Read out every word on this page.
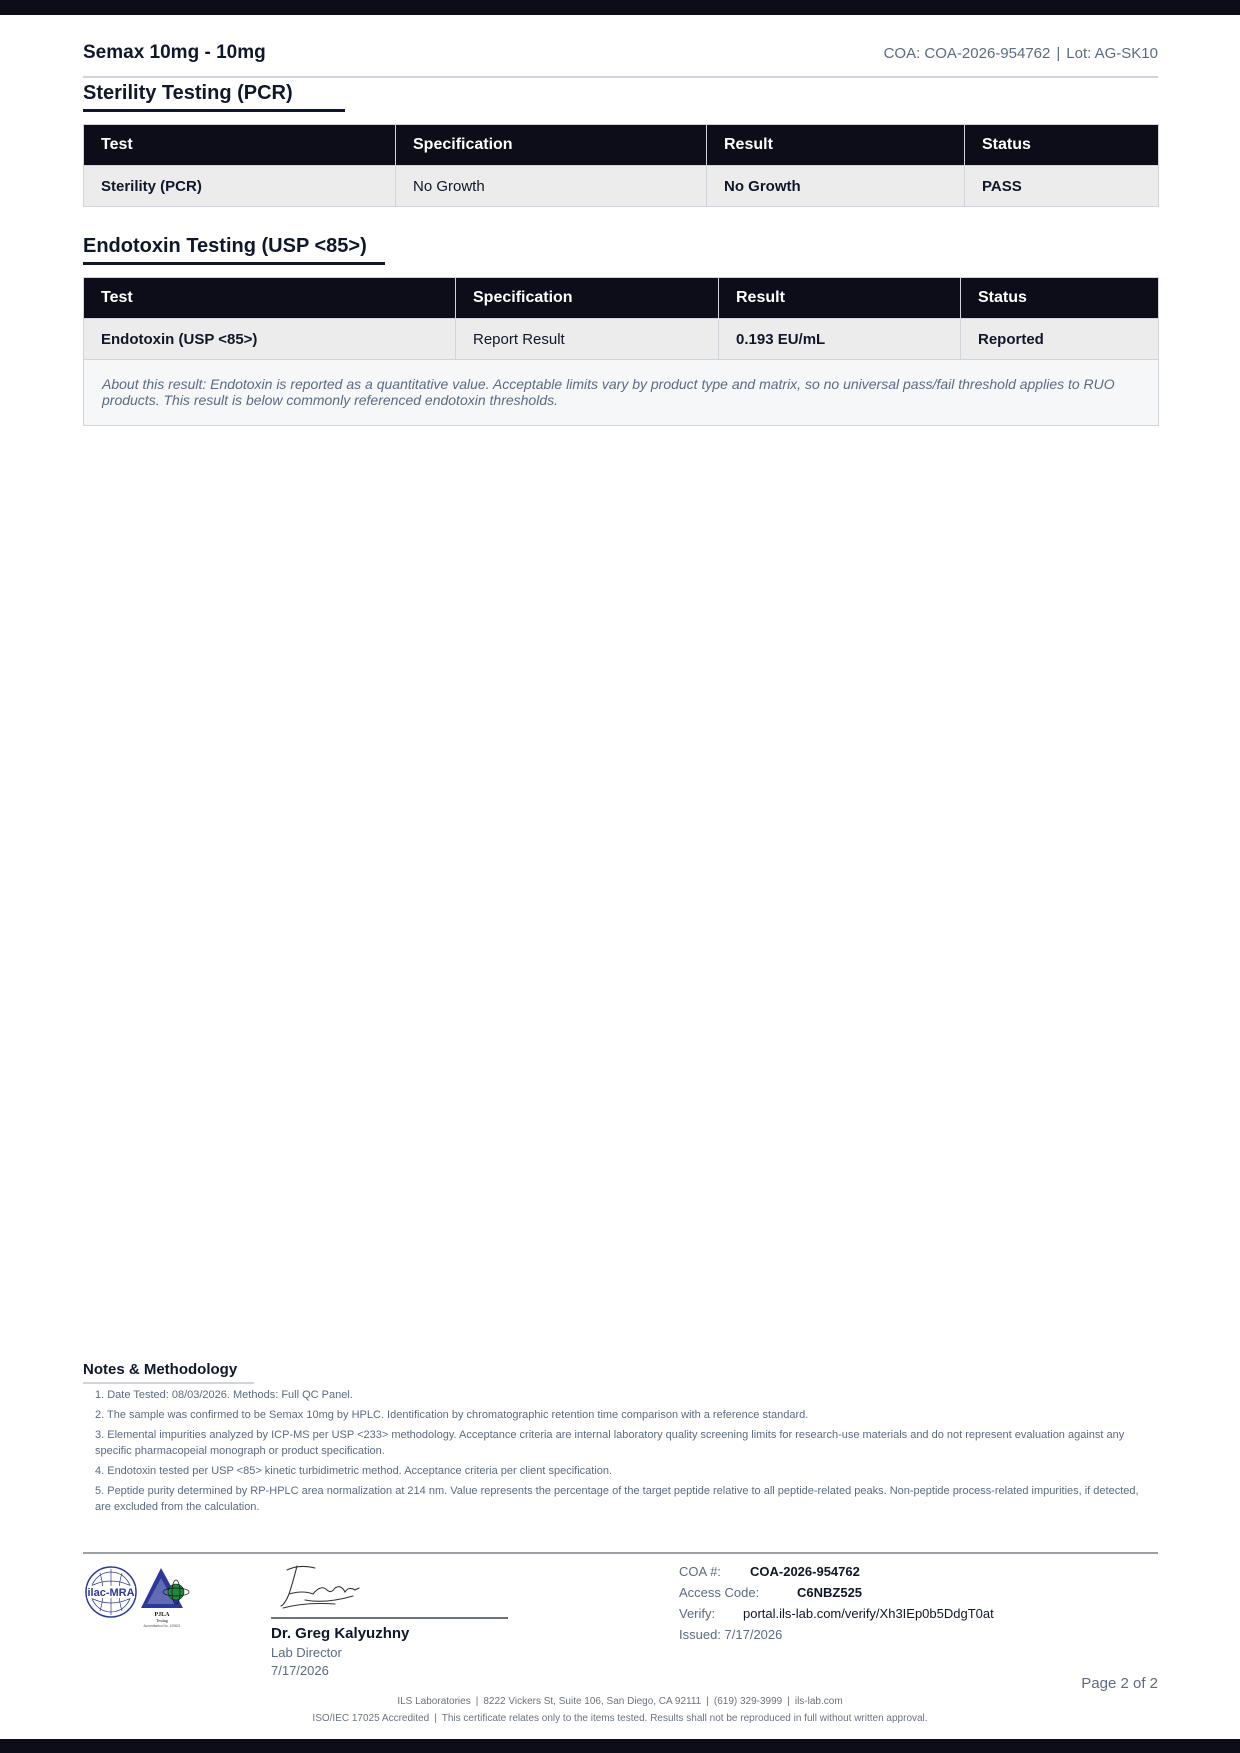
Semax 10mg - 10mg	COA: COA-2026-954762 | Lot: AG-SK10
Sterility Testing (PCR)
Test	Specification	Result	Status
Sterility (PCR)	No Growth	No Growth	PASS
Endotoxin Testing (USP <85>)
Test	Specification	Result	Status
Endotoxin (USP <85>)	Report Result	0.193 EU/mL	Reported
About this result: Endotoxin is reported as a quantitative value. Acceptable limits vary by product type and matrix, so no universal pass/fail threshold applies to RUO products. This result is below commonly referenced endotoxin thresholds.			
Notes & Methodology
1. Date Tested: 08/03/2026. Methods: Full QC Panel.
2. The sample was confirmed to be Semax 10mg by HPLC. Identification by chromatographic retention time comparison with a reference standard.
3. Elemental impurities analyzed by ICP-MS per USP <233> methodology. Acceptance criteria are internal laboratory quality screening limits for research-use materials and do not represent evaluation against any specific pharmacopeial monograph or product specification.
4. Endotoxin tested per USP <85> kinetic turbidimetric method. Acceptance criteria per client specification.
5. Peptide purity determined by RP-HPLC area normalization at 214 nm. Value represents the percentage of the target peptide relative to all peptide-related peaks. Non-peptide process-related impurities, if detected, are excluded from the calculation.
ilac-MRA
PJLA
Testing
Accreditation No. 109821	Dr. Greg Kalyuzhny
Lab Director
7/17/2026
COA #: COA-2026-954762
Access Code:	C6NBZ525
Verify: portal.ils-lab.com/verify/Xh3IEp0b5DdgT0at
Issued: 7/17/2026
Page 2 of 2
ILS Laboratories | 8222 Vickers St, Suite 106, San Diego, CA 92111 | (619) 329-3999 | ils-lab.com
ISO/IEC 17025 Accredited | This certificate relates only to the items tested. Results shall not be reproduced in full without written approval.
